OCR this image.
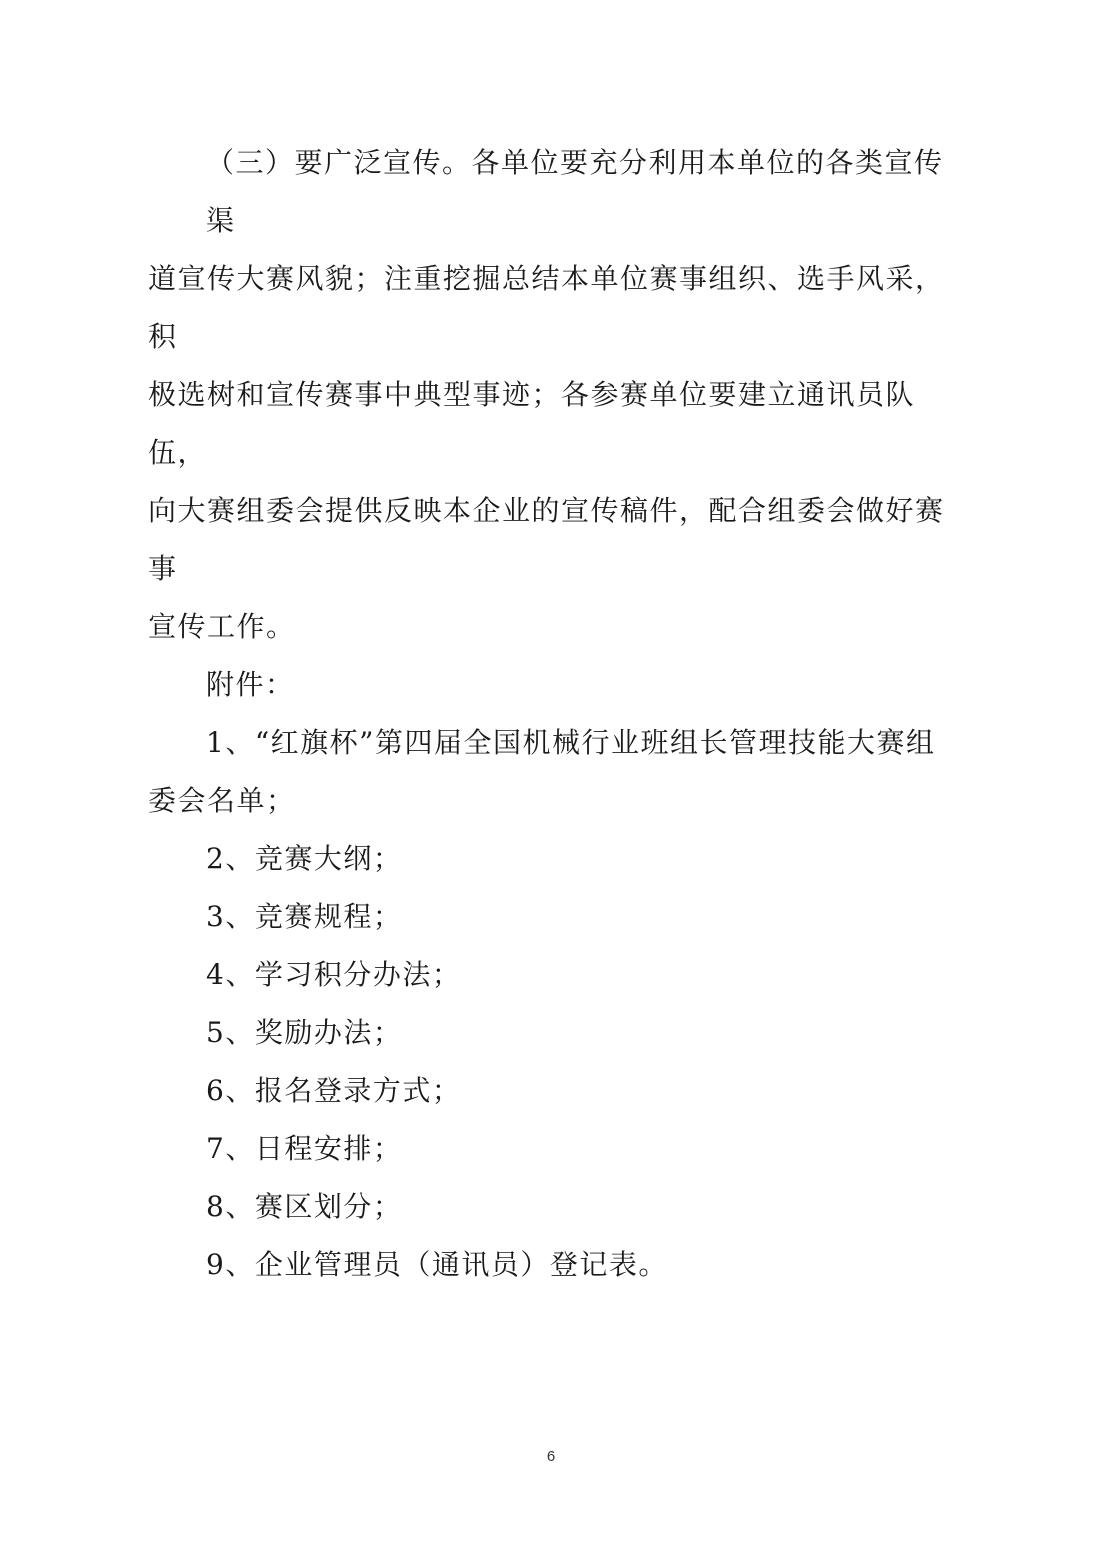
（三）要广泛宣传。各单位要充分利用本单位的各类宣传渠
道宣传大赛风貌；注重挖掘总结本单位赛事组织、选手风采，积
极选树和宣传赛事中典型事迹；各参赛单位要建立通讯员队伍，
向大赛组委会提供反映本企业的宣传稿件，配合组委会做好赛事
宣传工作。
附件：
1、“红旗杯”第四届全国机械行业班组长管理技能大赛组
委会名单；
2、竞赛大纲；
3、竞赛规程；
4、学习积分办法；
5、奖励办法；
6、报名登录方式；
7、日程安排；
8、赛区划分；
9、企业管理员（通讯员）登记表。
6
